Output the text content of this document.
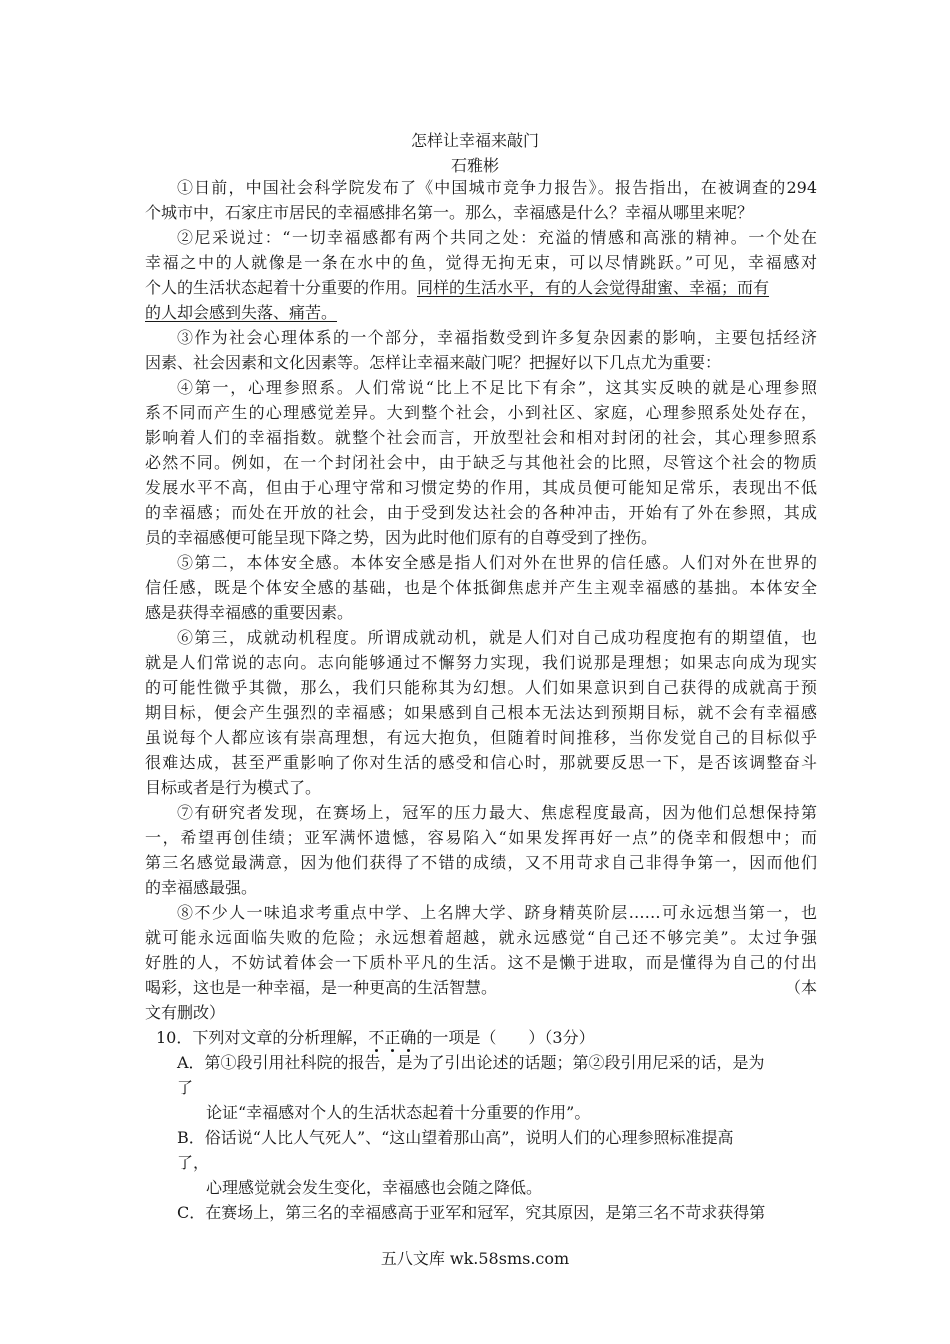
怎样让幸福来敲门
石雅彬
①日前，中国社会科学院发布了《中国城市竞争力报告》。报告指出，在被调查的294
个城市中，石家庄市居民的幸福感排名第一。那么，幸福感是什么？幸福从哪里来呢？
②尼采说过：“一切幸福感都有两个共同之处：充溢的情感和高涨的精神。一个处在
幸福之中的人就像是一条在水中的鱼，觉得无拘无束，可以尽情跳跃。”可见，幸福感对
个人的生活状态起着十分重要的作用。同样的生活水平，有的人会觉得甜蜜、幸福；而有
的人却会感到失落、痛苦。
③作为社会心理体系的一个部分，幸福指数受到许多复杂因素的影响，主要包括经济
因素、社会因素和文化因素等。怎样让幸福来敲门呢？把握好以下几点尤为重要：
④第一，心理参照系。人们常说“比上不足比下有余”，这其实反映的就是心理参照
系不同而产生的心理感觉差异。大到整个社会，小到社区、家庭，心理参照系处处存在，
影响着人们的幸福指数。就整个社会而言，开放型社会和相对封闭的社会，其心理参照系
必然不同。例如，在一个封闭社会中，由于缺乏与其他社会的比照，尽管这个社会的物质
发展水平不高，但由于心理守常和习惯定势的作用，其成员便可能知足常乐，表现出不低
的幸福感；而处在开放的社会，由于受到发达社会的各种冲击，开始有了外在参照，其成
员的幸福感便可能呈现下降之势，因为此时他们原有的自尊受到了挫伤。
⑤第二，本体安全感。本体安全感是指人们对外在世界的信任感。人们对外在世界的
信任感，既是个体安全感的基础，也是个体抵御焦虑并产生主观幸福感的基拙。本体安全
感是获得幸福感的重要因素。
⑥第三，成就动机程度。所谓成就动机，就是人们对自己成功程度抱有的期望值，也
就是人们常说的志向。志向能够通过不懈努力实现，我们说那是理想；如果志向成为现实
的可能性微乎其微，那么，我们只能称其为幻想。人们如果意识到自己获得的成就高于预
期目标，便会产生强烈的幸福感；如果感到自己根本无法达到预期目标，就不会有幸福感
虽说每个人都应该有崇高理想，有远大抱负，但随着时间推移，当你发觉自己的目标似乎
很难达成，甚至严重影响了你对生活的感受和信心时，那就要反思一下，是否该调整奋斗
目标或者是行为模式了。
⑦有研究者发现，在赛场上，冠军的压力最大、焦虑程度最高，因为他们总想保持第
一，希望再创佳绩；亚军满怀遗憾，容易陷入“如果发挥再好一点”的侥幸和假想中；而
第三名感觉最满意，因为他们获得了不错的成绩，又不用苛求自己非得争第一，因而他们
的幸福感最强。
⑧不少人一味追求考重点中学、上名牌大学、跻身精英阶层……可永远想当第一，也
就可能永远面临失败的危险；永远想着超越，就永远感觉“自己还不够完美”。太过争强
好胜的人，不妨试着体会一下质朴平凡的生活。这不是懒于进取，而是懂得为自己的付出
喝彩，这也是一种幸福，是一种更高的生活智慧。	（本
文有删改）
10．下列对文章的分析理解，不正确的一项是（　　）（3分）
A．第①段引用社科院的报告，是为了引出论述的话题；第②段引用尼采的话，是为
了
论证“幸福感对个人的生活状态起着十分重要的作用”。
B．俗话说“人比人气死人”、“这山望着那山高”，说明人们的心理参照标准提高
了，
心理感觉就会发生变化，幸福感也会随之降低。
C．在赛场上，第三名的幸福感高于亚军和冠军，究其原因，是第三名不苛求获得第
五八文库 wk.58sms.com
